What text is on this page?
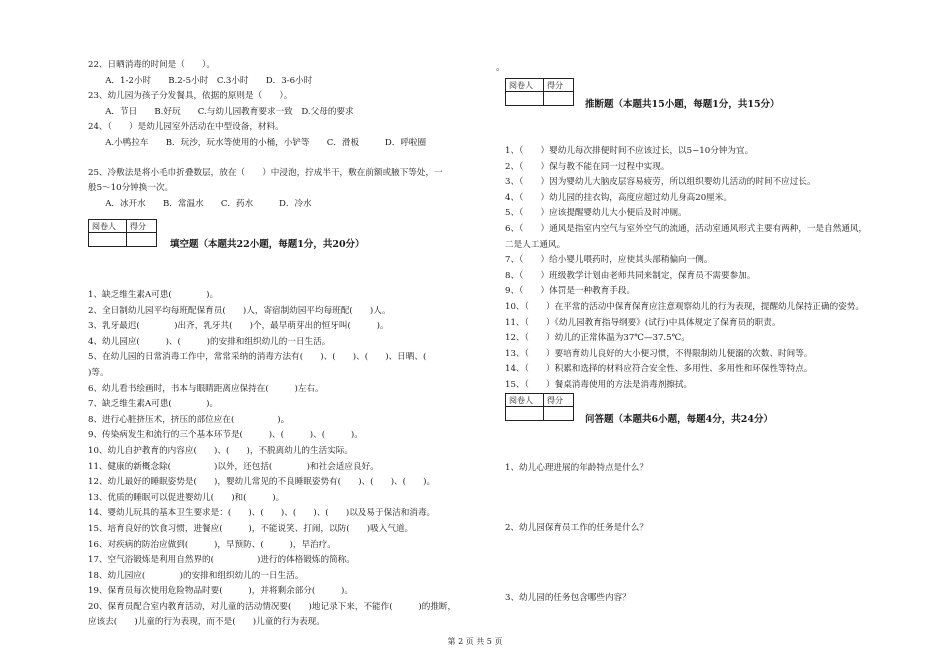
22、日晒消毒的时间是（　　）。
　　A．1-2小时　　B.2-5小时　C.3小时　　D．3-6小时
23、幼儿园为孩子分发餐具，依据的原则是（　　）。
　　A．节日　　B.好玩　　C.与幼儿园教育要求一致　D.父母的要求
24、（　　）是幼儿园室外活动在中型设备，材料。
　　A.小鸭拉车　　B．玩沙，玩水等使用的小桶，小铲等　　C．滑板　　　D．呼啦圈
25、冷敷法是将小毛巾折叠数层，放在（　　）中浸泡，拧成半干，敷在前额或腋下等处，一
般5～10分钟换一次。
　　A．冰开水　　B．常温水　　C．药水　　　D．冷水
阅卷人	得分

填空题（本题共22小题，每题1分，共20分）
1、缺乏维生素A可患(　　　　)。
2、全日制幼儿园平均每班配保育员(　　)人，寄宿制幼园平均每班配(　　)人。
3、乳牙最迟(　　　　)出齐，乳牙共(　　)个，最早萌芽出的恒牙叫(　　　)。
4、幼儿园应(　　　)、(　　　)的安排和组织幼儿的一日生活。
5、在幼儿园的日常消毒工作中，常常采纳的消毒方法有(　　)、(　　)、(　　)、日晒、(　　
)等。
6、幼儿看书绘画时，书本与眼睛距离应保持在(　　　)左右。
7、缺乏维生素A可患(　　　　)。
8、进行心脏挤压术，挤压的部位应在(　　　　　)。
9、传染病发生和流行的三个基本环节是(　　　)、(　　　)、(　　　)。
10、幼儿自护教育的内容应(　　)、(　　)，不脱离幼儿的生活实际。
11、健康的新概念除(　　　　　)以外，还包括(　　　　)和社会适应良好。
12、幼儿最好的睡眠姿势是(　　)，婴幼儿常见的不良睡眠姿势有(　　)、(　　)、(　　)。
13、优质的睡眠可以促进婴幼儿(　　)和(　　　)。
14、婴幼儿玩具的基本卫生要求是：(　　)、(　　)、(　　)、(　　)以及易于保洁和消毒。
15、培育良好的饮食习惯，进餐应(　　　)，不能说笑、打闹，以防(　　)吸入气道。
16、对疾病的防治应做到(　　　)，早预防、(　　　)，早治疗。
17、空气浴锻炼是利用自然界的(　　　　　)进行的体格锻炼的简称。
18、幼儿园应(　　　　)的安排和组织幼儿的一日生活。
19、保育员每次使用危险物品时要(　　　)，并将剩余部分(　　　)。
20、保育员配合室内教育活动，对儿童的活动情况要(　　)地记录下来，不能作(　　　)的推断，
应该去(　　)儿童的行为表现，而不是(　　)儿童的行为表现。
。
阅卷人	得分

推断题（本题共15小题，每题1分，共15分）
1、（　　）婴幼儿每次排便时间不应该过长，以5~10分钟为宜。
2、（　　）保与教不能在同一过程中实现。
3、（　　）因为婴幼儿大脑皮层容易疲劳，所以组织婴幼儿活动的时间不应过长。
4、（　　）幼儿园的挂衣钩，高度应超过幼儿身高20厘米。
5、（　　）应该提醒婴幼儿大小便后及时冲厕。
6、（　　）通风是指室内空气与室外空气的流通，活动室通风形式主要有两种，一是自然通风，
二是人工通风。
7、（　　）给小婴儿喂药时，应使其头部稍偏向一侧。
8、（　　）班级教学计划由老师共同来制定，保育员不需要参加。
9、（　　）体罚是一种教育手段。
10、（　　）在平常的活动中保育保育应注意观察幼儿的行为表现，提醒幼儿保持正确的姿势。
11、（　　）《幼儿园教育指导纲要》(试行)中具体规定了保育员的职责。
12、（　　）幼儿的正常体温为37℃—37.5℃。
13、（　　）要培育幼儿良好的大小便习惯，不得限制幼儿便溺的次数、时间等。
14、（　　）积累和选择的材料应符合安全性、多用性、多用性和环保性等特点。
15、（　　）餐桌消毒使用的方法是消毒剂擦拭。
阅卷人	得分

问答题（本题共6小题，每题4分，共24分）
1、幼儿心理进展的年龄特点是什么？
2、幼儿园保育员工作的任务是什么？
3、幼儿园的任务包含哪些内容？
第 2 页 共 5 页
